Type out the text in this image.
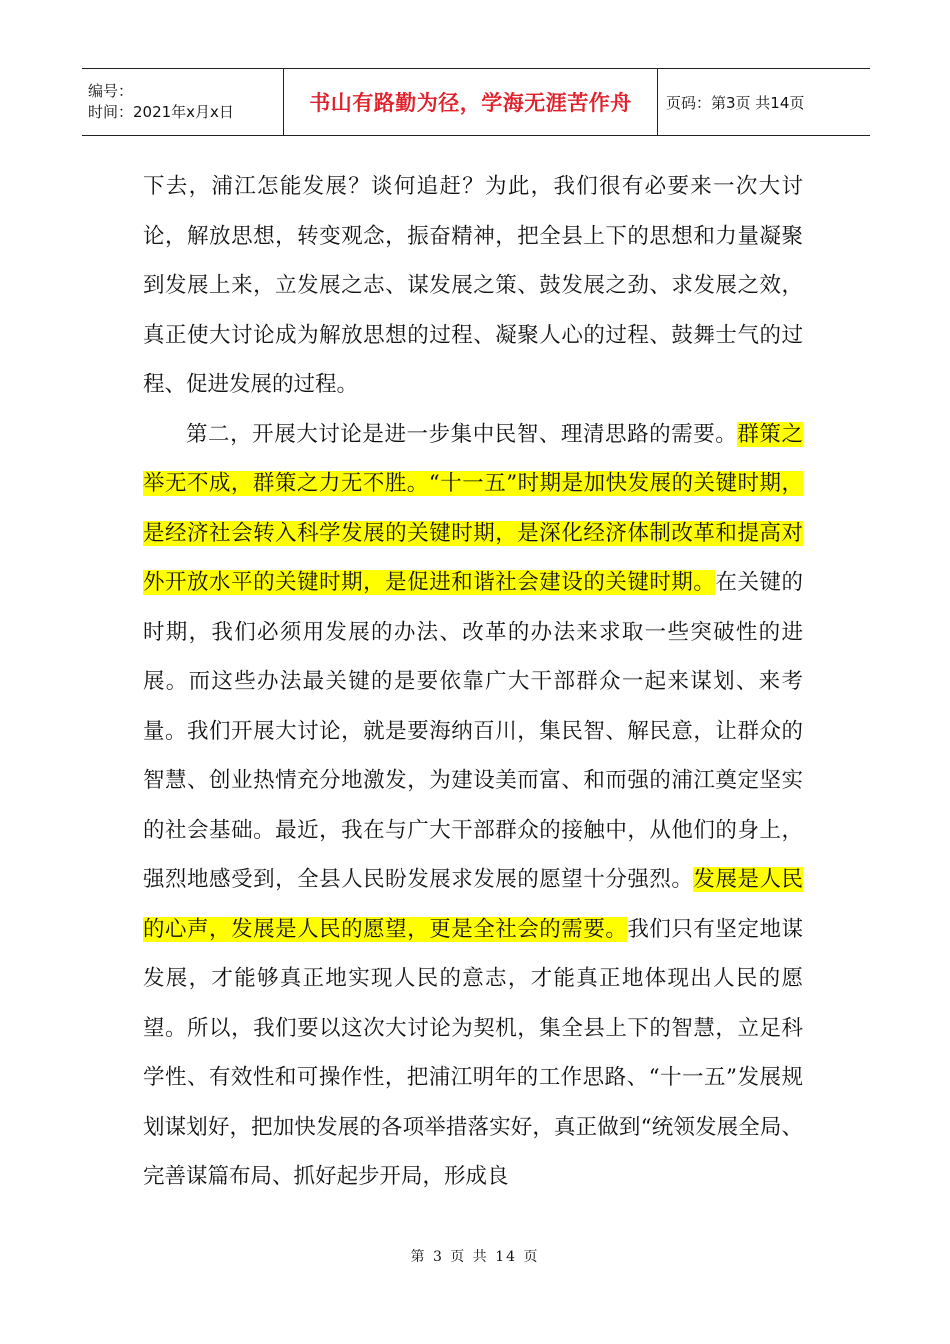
编号：
时间：2021年x月x日	书山有路勤为径，学海无涯苦作舟	页码：第3页 共14页

下去，浦江怎能发展？谈何追赶？为此，我们很有必要来一次大讨论，解放思想，转变观念，振奋精神，把全县上下的思想和力量凝聚到发展上来，立发展之志、谋发展之策、鼓发展之劲、求发展之效，真正使大讨论成为解放思想的过程、凝聚人心的过程、鼓舞士气的过程、促进发展的过程。

第二，开展大讨论是进一步集中民智、理清思路的需要。群策之举无不成，群策之力无不胜。“十一五”时期是加快发展的关键时期，是经济社会转入科学发展的关键时期，是深化经济体制改革和提高对外开放水平的关键时期，是促进和谐社会建设的关键时期。在关键的时期，我们必须用发展的办法、改革的办法来求取一些突破性的进展。而这些办法最关键的是要依靠广大干部群众一起来谋划、来考量。我们开展大讨论，就是要海纳百川，集民智、解民意，让群众的智慧、创业热情充分地激发，为建设美而富、和而强的浦江奠定坚实的社会基础。最近，我在与广大干部群众的接触中，从他们的身上，强烈地感受到，全县人民盼发展求发展的愿望十分强烈。发展是人民的心声，发展是人民的愿望，更是全社会的需要。我们只有坚定地谋发展，才能够真正地实现人民的意志，才能真正地体现出人民的愿望。所以，我们要以这次大讨论为契机，集全县上下的智慧，立足科学性、有效性和可操作性，把浦江明年的工作思路、“十一五”发展规划谋划好，把加快发展的各项举措落实好，真正做到“统领发展全局、完善谋篇布局、抓好起步开局，形成良

第 3 页 共 14 页
